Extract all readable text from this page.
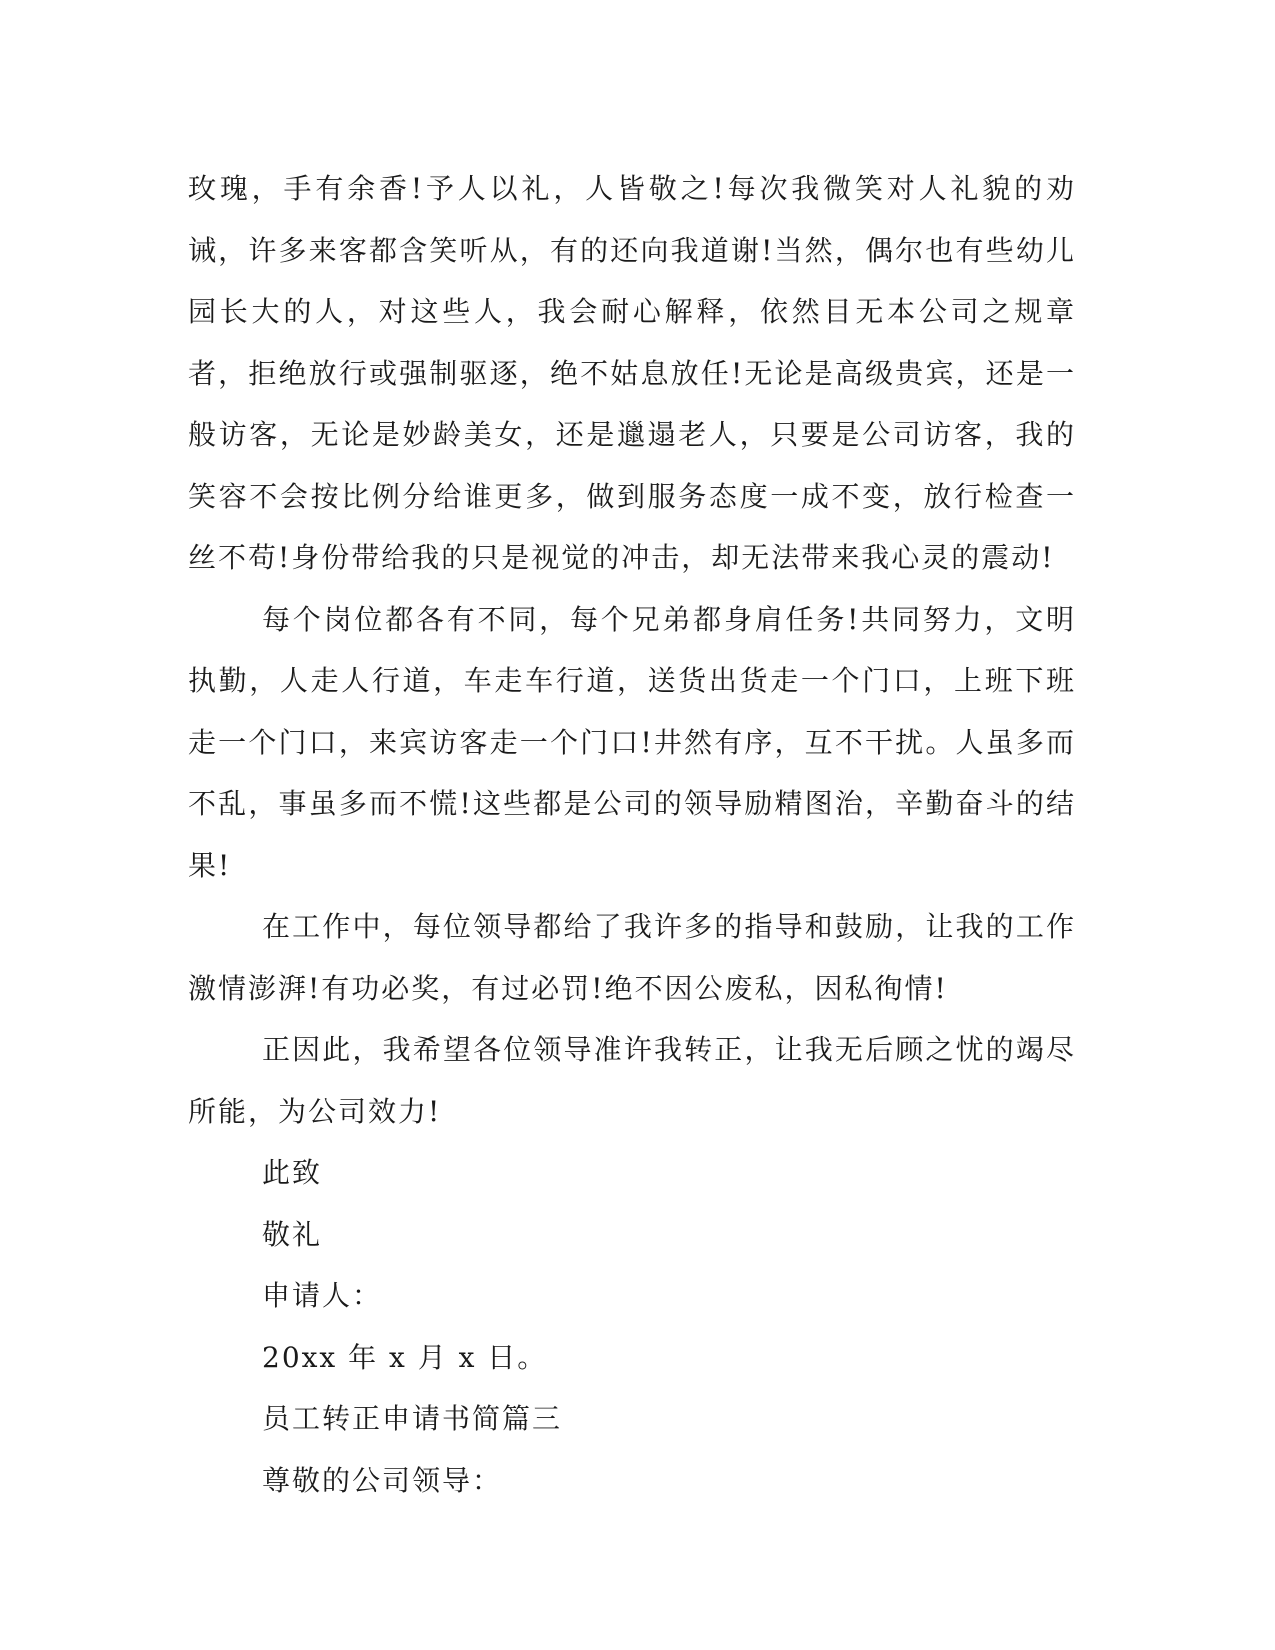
玫瑰，手有余香!予人以礼，人皆敬之!每次我微笑对人礼貌的劝诫，许多来客都含笑听从，有的还向我道谢!当然，偶尔也有些幼儿园长大的人，对这些人，我会耐心解释，依然目无本公司之规章者，拒绝放行或强制驱逐，绝不姑息放任!无论是高级贵宾，还是一般访客，无论是妙龄美女，还是邋遢老人，只要是公司访客，我的笑容不会按比例分给谁更多，做到服务态度一成不变，放行检查一丝不苟!身份带给我的只是视觉的冲击，却无法带来我心灵的震动!

每个岗位都各有不同，每个兄弟都身肩任务!共同努力，文明执勤，人走人行道，车走车行道，送货出货走一个门口，上班下班走一个门口，来宾访客走一个门口!井然有序，互不干扰。人虽多而不乱，事虽多而不慌!这些都是公司的领导励精图治，辛勤奋斗的结果!

在工作中，每位领导都给了我许多的指导和鼓励，让我的工作激情澎湃!有功必奖，有过必罚!绝不因公废私，因私徇情!

正因此，我希望各位领导准许我转正，让我无后顾之忧的竭尽所能，为公司效力!

此致

敬礼

申请人：

20xx 年 x 月 x 日。

员工转正申请书简篇三

尊敬的公司领导：
